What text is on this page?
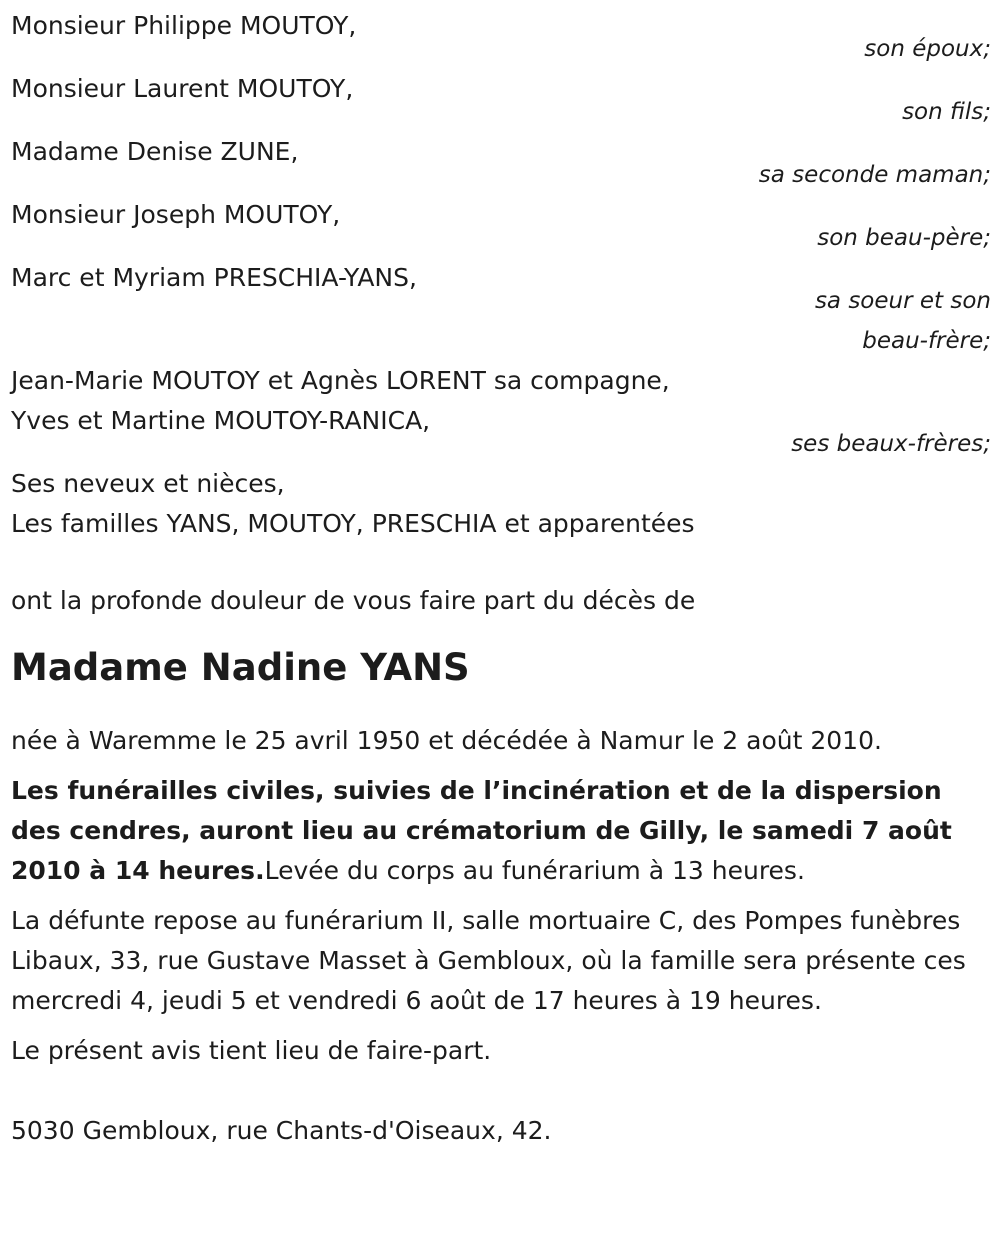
Monsieur Philippe MOUTOY,
son époux;
Monsieur Laurent MOUTOY,
son fils;
Madame Denise ZUNE,
sa seconde maman;
Monsieur Joseph MOUTOY,
son beau-père;
Marc et Myriam PRESCHIA-YANS,
sa soeur et son
beau-frère;
Jean-Marie MOUTOY et Agnès LORENT sa compagne,
Yves et Martine MOUTOY-RANICA,
ses beaux-frères;
Ses neveux et nièces,
Les familles YANS, MOUTOY, PRESCHIA et apparentées
ont la profonde douleur de vous faire part du décès de
Madame Nadine YANS
née à Waremme le 25 avril 1950 et décédée à Namur le 2 août 2010.
Les funérailles civiles, suivies de l’incinération et de la dispersion des cendres, auront lieu au crématorium de Gilly, le samedi 7 août 2010 à 14 heures.Levée du corps au funérarium à 13 heures.
La défunte repose au funérarium II, salle mortuaire C, des Pompes funèbres Libaux, 33, rue Gustave Masset à Gembloux, où la famille sera présente ces mercredi 4, jeudi 5 et vendredi 6 août de 17 heures à 19 heures.
Le présent avis tient lieu de faire-part.
5030 Gembloux, rue Chants-d'Oiseaux, 42.
